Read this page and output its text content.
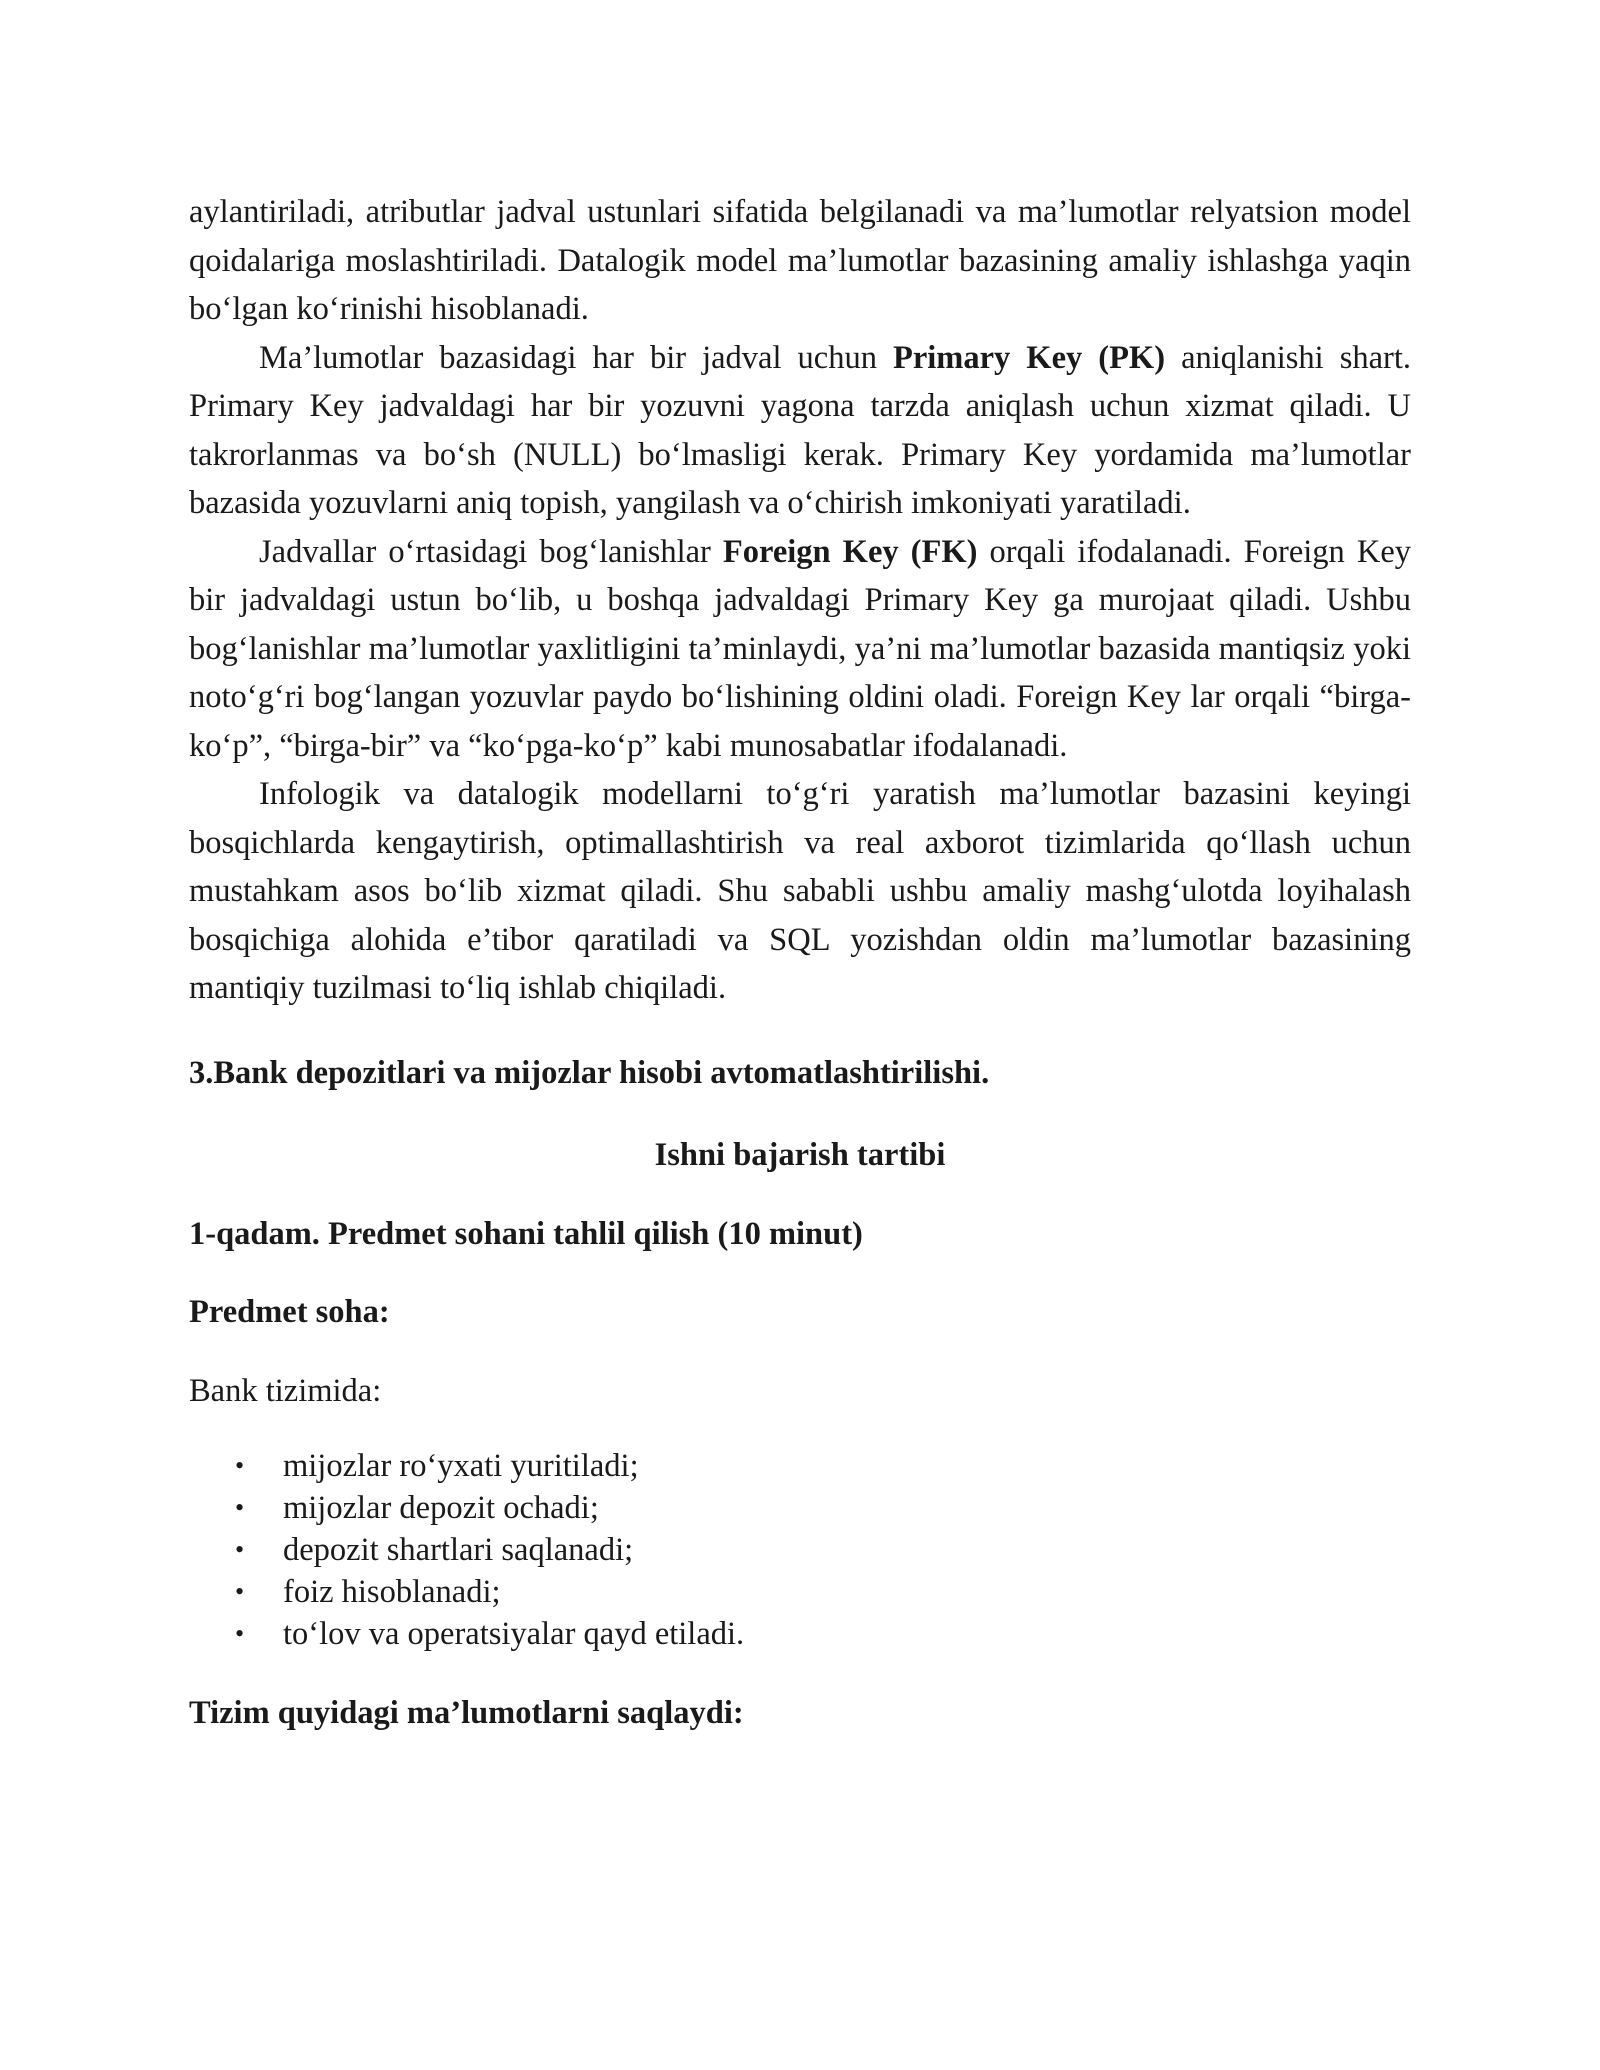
aylantiriladi, atributlar jadval ustunlari sifatida belgilanadi va ma’lumotlar relyatsion model qoidalariga moslashtiriladi. Datalogik model ma’lumotlar bazasining amaliy ishlashga yaqin bo‘lgan ko‘rinishi hisoblanadi.

Ma’lumotlar bazasidagi har bir jadval uchun Primary Key (PK) aniqlanishi shart. Primary Key jadvaldagi har bir yozuvni yagona tarzda aniqlash uchun xizmat qiladi. U takrorlanmas va bo‘sh (NULL) bo‘lmasligi kerak. Primary Key yordamida ma’lumotlar bazasida yozuvlarni aniq topish, yangilash va o‘chirish imkoniyati yaratiladi.

Jadvallar o‘rtasidagi bog‘lanishlar Foreign Key (FK) orqali ifodalanadi. Foreign Key bir jadvaldagi ustun bo‘lib, u boshqa jadvaldagi Primary Key ga murojaat qiladi. Ushbu bog‘lanishlar ma’lumotlar yaxlitligini ta’minlaydi, ya’ni ma’lumotlar bazasida mantiqsiz yoki noto‘g‘ri bog‘langan yozuvlar paydo bo‘lishining oldini oladi. Foreign Key lar orqali “birga-ko‘p”, “birga-bir” va “ko‘pga-ko‘p” kabi munosabatlar ifodalanadi.

Infologik va datalogik modellarni to‘g‘ri yaratish ma’lumotlar bazasini keyingi bosqichlarda kengaytirish, optimallashtirish va real axborot tizimlarida qo‘llash uchun mustahkam asos bo‘lib xizmat qiladi. Shu sababli ushbu amaliy mashg‘ulotda loyihalash bosqichiga alohida e’tibor qaratiladi va SQL yozishdan oldin ma’lumotlar bazasining mantiqiy tuzilmasi to‘liq ishlab chiqiladi.

3.Bank depozitlari va mijozlar hisobi avtomatlashtirilishi.

Ishni bajarish tartibi

1-qadam. Predmet sohani tahlil qilish (10 minut)

Predmet soha:

Bank tizimida:

• mijozlar ro‘yxati yuritiladi;
• mijozlar depozit ochadi;
• depozit shartlari saqlanadi;
• foiz hisoblanadi;
• to‘lov va operatsiyalar qayd etiladi.

Tizim quyidagi ma’lumotlarni saqlaydi:
